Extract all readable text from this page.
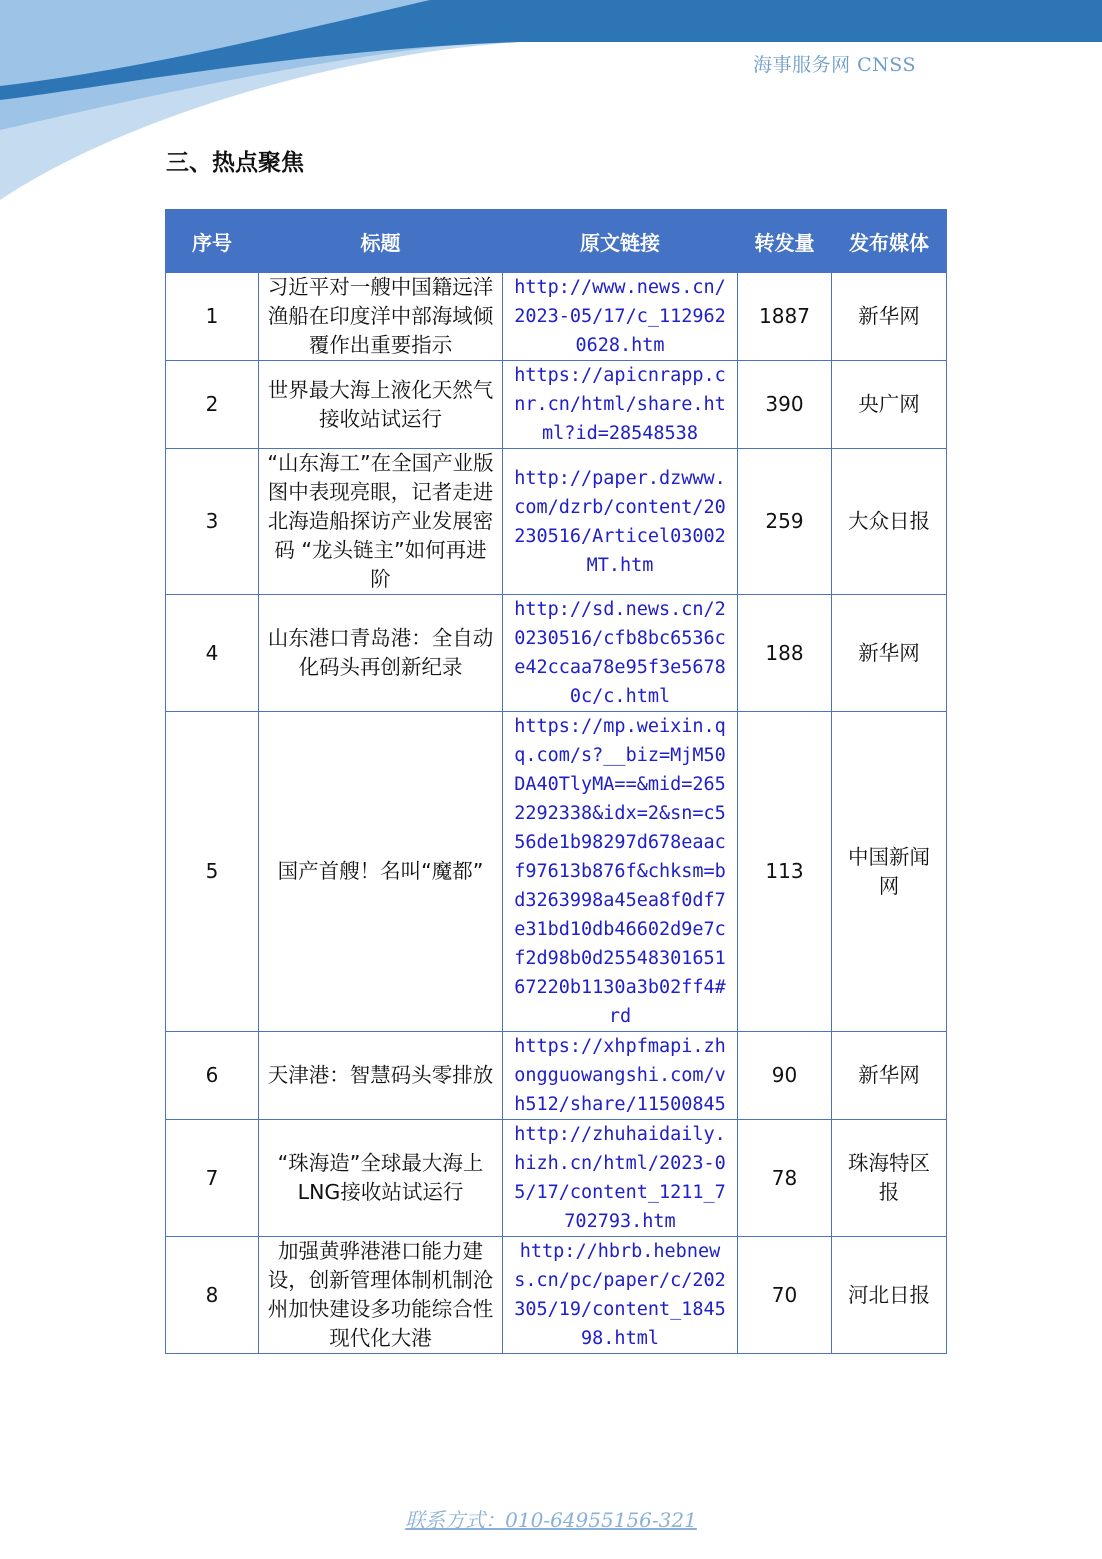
海事服务网 CNSS
三、热点聚焦
序号	标题	原文链接	转发量	发布媒体
1	习近平对一艘中国籍远洋渔船在印度洋中部海域倾覆作出重要指示	http://www.news.cn/2023-05/17/c_1129620628.htm	1887	新华网
2	世界最大海上液化天然气接收站试运行	https://apicnrapp.cnr.cn/html/share.html?id=28548538	390	央广网
3	“山东海工”在全国产业版图中表现亮眼，记者走进北海造船探访产业发展密码 “龙头链主”如何再进阶	http://paper.dzwww.com/dzrb/content/20230516/Articel03002MT.htm	259	大众日报
4	山东港口青岛港：全自动化码头再创新纪录	http://sd.news.cn/20230516/cfb8bc6536ce42ccaa78e95f3e56780c/c.html	188	新华网
5	国产首艘！名叫“魔都”	https://mp.weixin.qq.com/s?__biz=MjM50DA40TlyMA==&mid=2652292338&idx=2&sn=c556de1b98297d678eaacf97613b876f&chksm=bd3263998a45ea8f0df7e31bd10db46602d9e7cf2d98b0d2554830165167220b1130a3b02ff4#rd	113	中国新闻网
6	天津港：智慧码头零排放	https://xhpfmapi.zhongguowangshi.com/vh512/share/11500845	90	新华网
7	“珠海造”全球最大海上LNG接收站试运行	http://zhuhaidaily.hizh.cn/html/2023-05/17/content_1211_7702793.htm	78	珠海特区报
8	加强黄骅港港口能力建设，创新管理体制机制沧州加快建设多功能综合性现代化大港	http://hbrb.hebnews.cn/pc/paper/c/202305/19/content_184598.html	70	河北日报
联系方式：010-64955156-321
